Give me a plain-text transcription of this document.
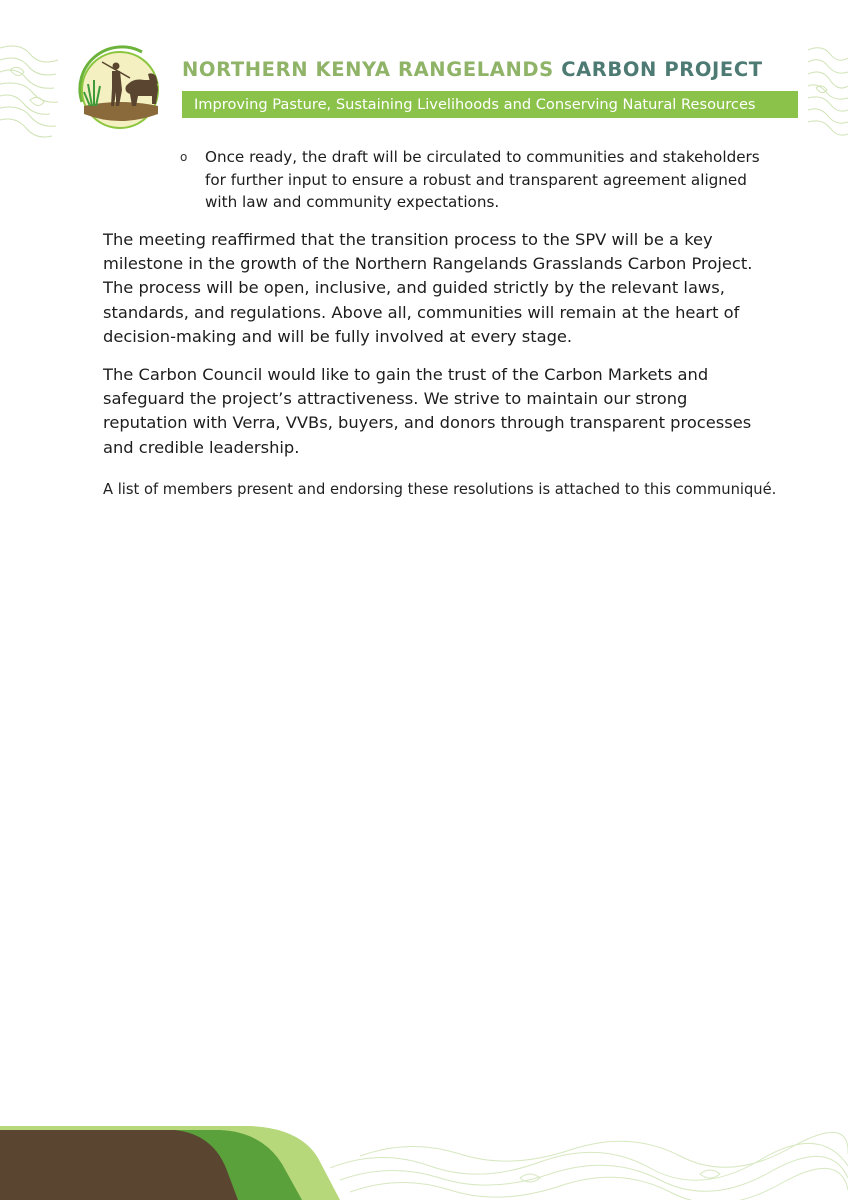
NORTHERN KENYA RANGELANDS CARBON PROJECT
Improving Pasture, Sustaining Livelihoods and Conserving Natural Resources
o Once ready, the draft will be circulated to communities and stakeholders for further input to ensure a robust and transparent agreement aligned with law and community expectations.

The meeting reaffirmed that the transition process to the SPV will be a key milestone in the growth of the Northern Rangelands Grasslands Carbon Project. The process will be open, inclusive, and guided strictly by the relevant laws, standards, and regulations. Above all, communities will remain at the heart of decision-making and will be fully involved at every stage.

The Carbon Council would like to gain the trust of the Carbon Markets and safeguard the project’s attractiveness. We strive to maintain our strong reputation with Verra, VVBs, buyers, and donors through transparent processes and credible leadership.

A list of members present and endorsing these resolutions is attached to this communiqué.
